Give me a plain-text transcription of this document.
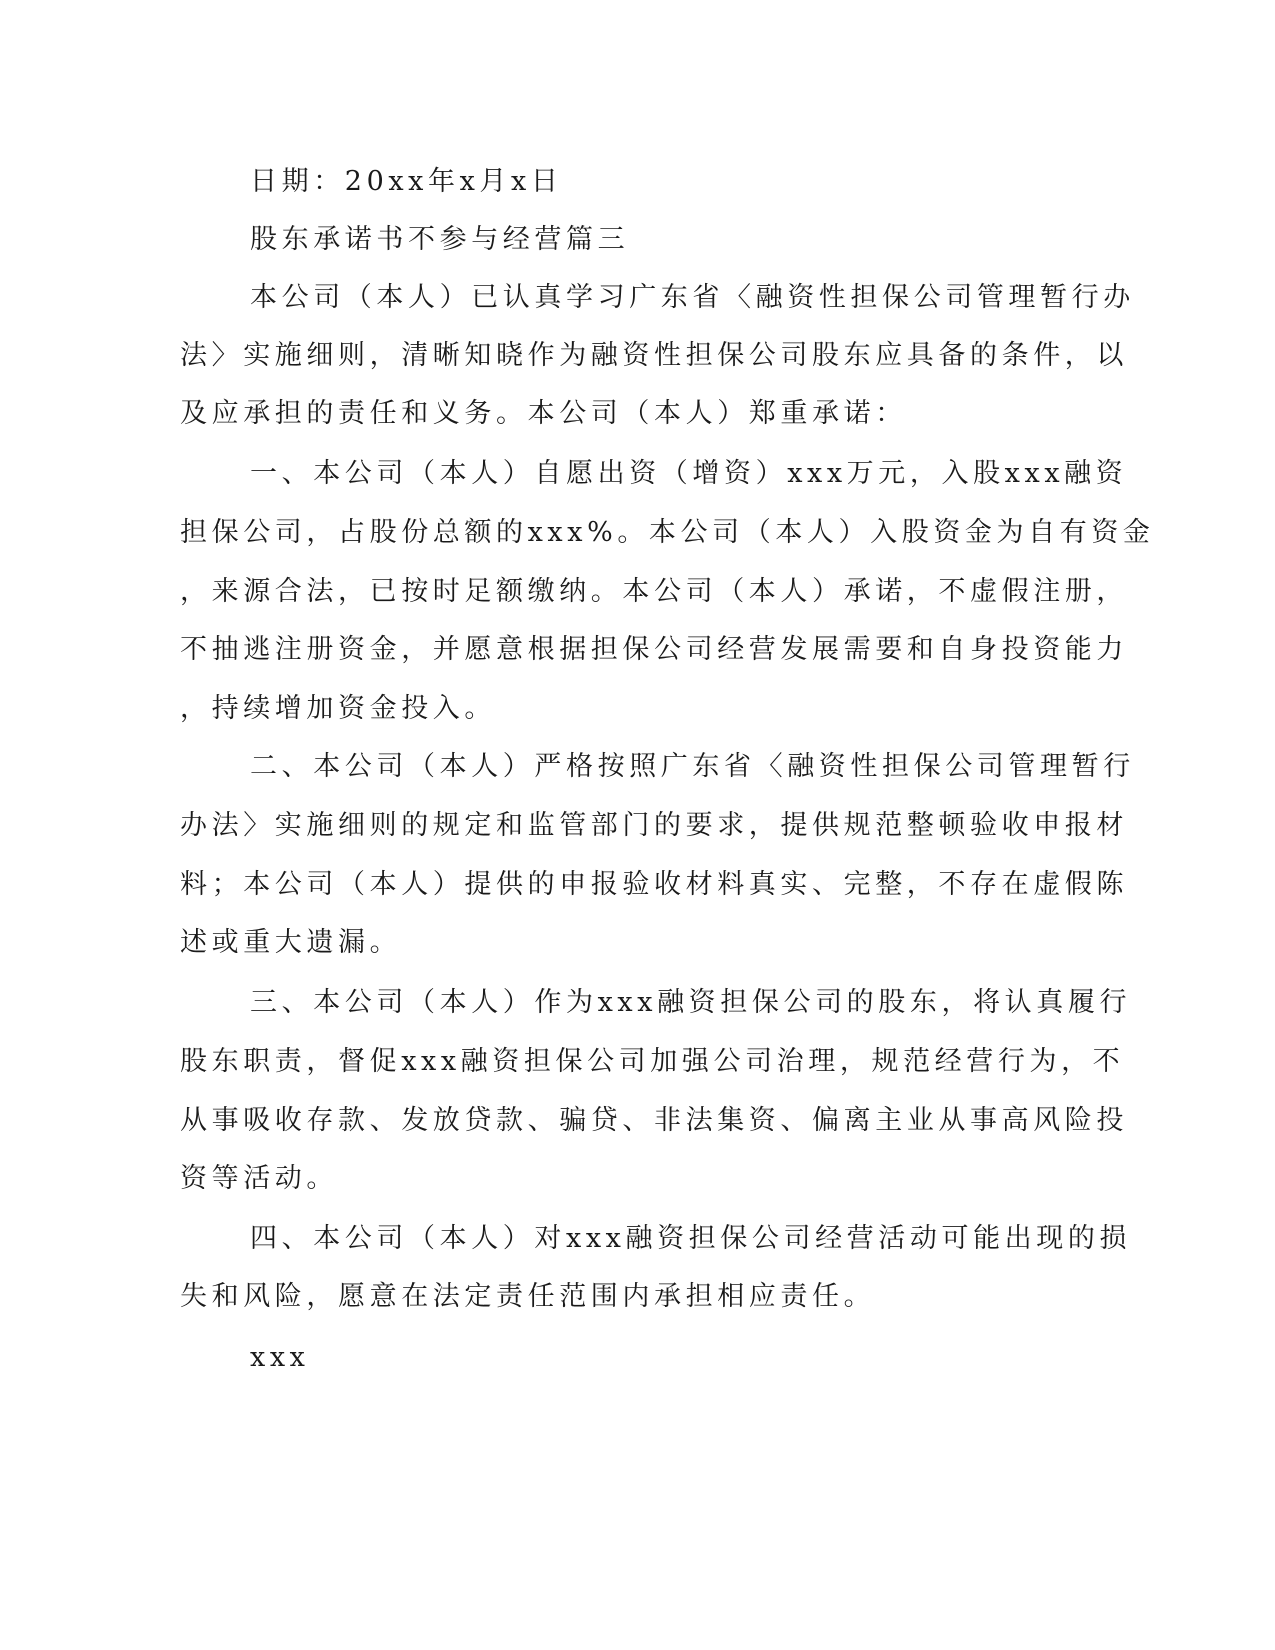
日期：20xx年x月x日
股东承诺书不参与经营篇三
本公司（本人）已认真学习广东省〈融资性担保公司管理暂行办
法〉实施细则，清晰知晓作为融资性担保公司股东应具备的条件，以
及应承担的责任和义务。本公司（本人）郑重承诺：
一、本公司（本人）自愿出资（增资）xxx万元，入股xxx融资
担保公司，占股份总额的xxx%。本公司（本人）入股资金为自有资金
，来源合法，已按时足额缴纳。本公司（本人）承诺，不虚假注册，
不抽逃注册资金，并愿意根据担保公司经营发展需要和自身投资能力
，持续增加资金投入。
二、本公司（本人）严格按照广东省〈融资性担保公司管理暂行
办法〉实施细则的规定和监管部门的要求，提供规范整顿验收申报材
料；本公司（本人）提供的申报验收材料真实、完整，不存在虚假陈
述或重大遗漏。
三、本公司（本人）作为xxx融资担保公司的股东，将认真履行
股东职责，督促xxx融资担保公司加强公司治理，规范经营行为，不
从事吸收存款、发放贷款、骗贷、非法集资、偏离主业从事高风险投
资等活动。
四、本公司（本人）对xxx融资担保公司经营活动可能出现的损
失和风险，愿意在法定责任范围内承担相应责任。
xxx
